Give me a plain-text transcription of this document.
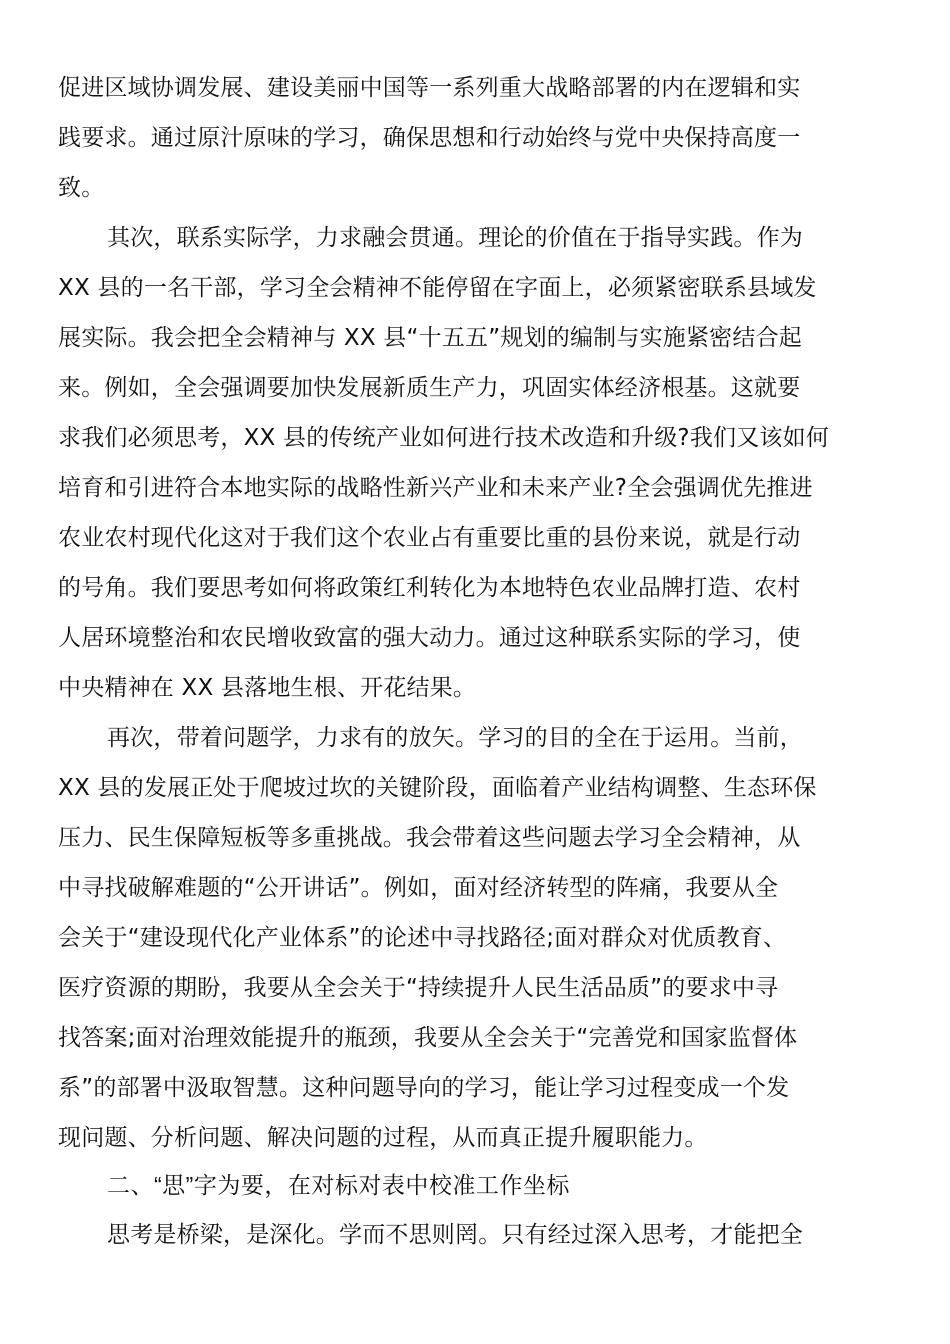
促进区域协调发展、建设美丽中国等一系列重大战略部署的内在逻辑和实
践要求。通过原汁原味的学习，确保思想和行动始终与党中央保持高度一
致。
其次，联系实际学，力求融会贯通。理论的价值在于指导实践。作为
XX 县的一名干部，学习全会精神不能停留在字面上，必须紧密联系县域发
展实际。我会把全会精神与 XX 县“十五五”规划的编制与实施紧密结合起
来。例如，全会强调要加快发展新质生产力，巩固实体经济根基。这就要
求我们必须思考，XX 县的传统产业如何进行技术改造和升级?我们又该如何
培育和引进符合本地实际的战略性新兴产业和未来产业?全会强调优先推进
农业农村现代化这对于我们这个农业占有重要比重的县份来说，就是行动
的号角。我们要思考如何将政策红利转化为本地特色农业品牌打造、农村
人居环境整治和农民增收致富的强大动力。通过这种联系实际的学习，使
中央精神在 XX 县落地生根、开花结果。
再次，带着问题学，力求有的放矢。学习的目的全在于运用。当前，
XX 县的发展正处于爬坡过坎的关键阶段，面临着产业结构调整、生态环保
压力、民生保障短板等多重挑战。我会带着这些问题去学习全会精神，从
中寻找破解难题的“公开讲话”。例如，面对经济转型的阵痛，我要从全
会关于“建设现代化产业体系”的论述中寻找路径;面对群众对优质教育、
医疗资源的期盼，我要从全会关于“持续提升人民生活品质”的要求中寻
找答案;面对治理效能提升的瓶颈，我要从全会关于“完善党和国家监督体
系”的部署中汲取智慧。这种问题导向的学习，能让学习过程变成一个发
现问题、分析问题、解决问题的过程，从而真正提升履职能力。
二、“思”字为要，在对标对表中校准工作坐标
思考是桥梁，是深化。学而不思则罔。只有经过深入思考，才能把全
